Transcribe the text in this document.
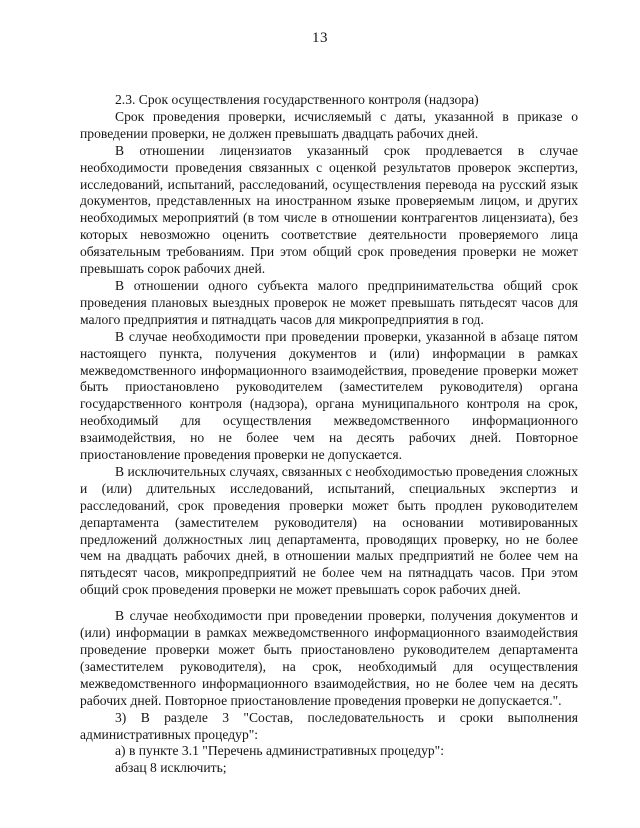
13

2.3. Срок осуществления государственного контроля (надзора)

Срок проведения проверки, исчисляемый с даты, указанной в приказе о проведении проверки, не должен превышать двадцать рабочих дней.

В отношении лицензиатов указанный срок продлевается в случае необходимости проведения связанных с оценкой результатов проверок экспертиз, исследований, испытаний, расследований, осуществления перевода на русский язык документов, представленных на иностранном языке проверяемым лицом, и других необходимых мероприятий (в том числе в отношении контрагентов лицензиата), без которых невозможно оценить соответствие деятельности проверяемого лица обязательным требованиям. При этом общий срок проведения проверки не может превышать сорок рабочих дней.

В отношении одного субъекта малого предпринимательства общий срок проведения плановых выездных проверок не может превышать пятьдесят часов для малого предприятия и пятнадцать часов для микропредприятия в год.

В случае необходимости при проведении проверки, указанной в абзаце пятом настоящего пункта, получения документов и (или) информации в рамках межведомственного информационного взаимодействия, проведение проверки может быть приостановлено руководителем (заместителем руководителя) органа государственного контроля (надзора), органа муниципального контроля на срок, необходимый для осуществления межведомственного информационного взаимодействия, но не более чем на десять рабочих дней. Повторное приостановление проведения проверки не допускается.

В исключительных случаях, связанных с необходимостью проведения сложных и (или) длительных исследований, испытаний, специальных экспертиз и расследований, срок проведения проверки может быть продлен руководителем департамента (заместителем руководителя) на основании мотивированных предложений должностных лиц департамента, проводящих проверку, но не более чем на двадцать рабочих дней, в отношении малых предприятий не более чем на пятьдесят часов, микропредприятий не более чем на пятнадцать часов. При этом общий срок проведения проверки не может превышать сорок рабочих дней.

В случае необходимости при проведении проверки, получения документов и (или) информации в рамках межведомственного информационного взаимодействия проведение проверки может быть приостановлено руководителем департамента (заместителем руководителя), на срок, необходимый для осуществления межведомственного информационного взаимодействия, но не более чем на десять рабочих дней. Повторное приостановление проведения проверки не допускается.".

3) В разделе 3 "Состав, последовательность и сроки выполнения административных процедур":

а) в пункте 3.1 "Перечень административных процедур":

абзац 8 исключить;
